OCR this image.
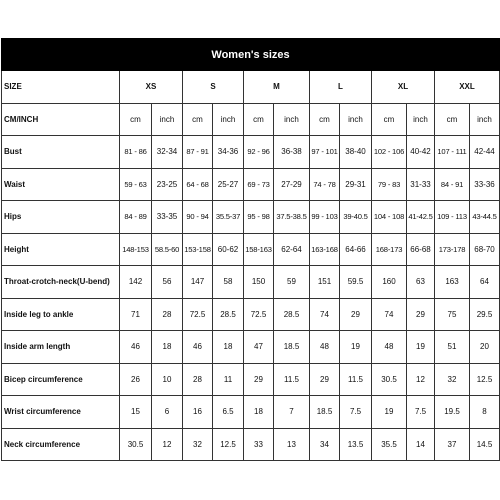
Women's sizes												
SIZE	XS		S		M		L		XL		XXL	
CM/INCH	cm	inch	cm	inch	cm	inch	cm	inch	cm	inch	cm	inch
Bust	81 - 86	32-34	87 - 91	34-36	92 - 96	36-38	97 - 101	38-40	102 - 106	40-42	107 - 111	42-44
Waist	59 - 63	23-25	64 - 68	25-27	69 - 73	27-29	74 - 78	29-31	79 - 83	31-33	84 - 91	33-36
Hips	84 - 89	33-35	90 - 94	35.5-37	95 - 98	37.5-38.5	99 - 103	39-40.5	104 - 108	41-42.5	109 - 113	43-44.5
Height	148-153	58.5-60	153-158	60-62	158-163	62-64	163-168	64-66	168-173	66-68	173-178	68-70
Throat-crotch-neck(U-bend)	142	56	147	58	150	59	151	59.5	160	63	163	64
Inside leg to ankle	71	28	72.5	28.5	72.5	28.5	74	29	74	29	75	29.5
Inside arm length	46	18	46	18	47	18.5	48	19	48	19	51	20
Bicep circumference	26	10	28	11	29	11.5	29	11.5	30.5	12	32	12.5
Wrist circumference	15	6	16	6.5	18	7	18.5	7.5	19	7.5	19.5	8
Neck circumference	30.5	12	32	12.5	33	13	34	13.5	35.5	14	37	14.5
